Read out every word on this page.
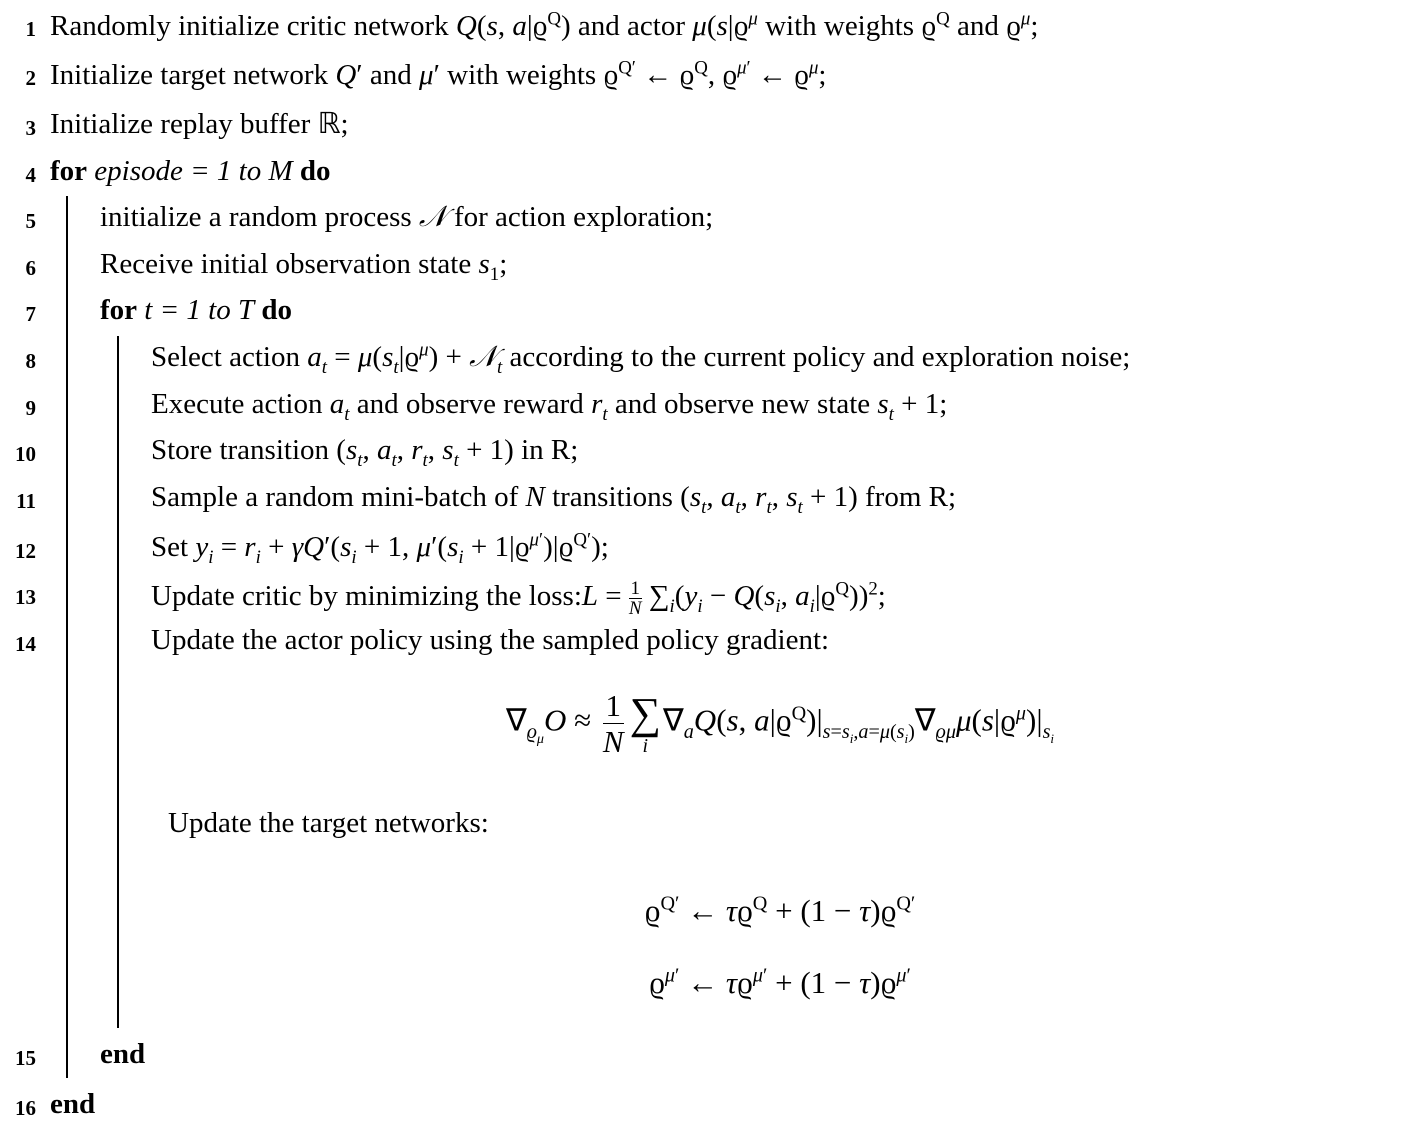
1
2
3
4
5
6
7
8
9
10
11
12
13
14
15
16
Randomly initialize critic network Q(s, $a|ϱ^Q$) and actor $\mu(s|ϱ^\mu$ with weights $ϱ^Q$ and $ϱ^\mu$;
Initialize target network Q′ and μ′ with weights $ϱ^{Q'}$ ← $ϱ^Q$, $ϱ^{\mu'}$ ← $ϱ^\mu$;
Initialize replay buffer ℝ;
for episode = 1 to M do
initialize a random process 𝒩 for action exploration;
Receive initial observation state $s_1$;
for t = 1 to T do
Select action $a_t = \mu(s_t|ϱ^\mu)$ + 𝒩$_t$ according to the current policy and exploration noise;
Execute action $a_t$ and observe reward $r_t$ and observe new state $s_t + 1$;
Store transition ($s_t$, $a_t$, $r_t$, $s_t + 1$) in R;
Sample a random mini-batch of N transitions ($s_t$, $a_t$, $r_t$, $s_t + 1$) from R;
Set $y_i = r_i + \gamma Q'(s_i + 1$, $\mu'(s_i + 1|ϱ^{\mu'})|ϱ^{Q'}$);
Update critic by minimizing the loss:L = $\frac{1}{N} \sum_i(y_i - Q(s_i$, $a_i|ϱ^Q))^2$;
Update the actor policy using the sampled policy gradient:
$\nabla_{ϱ_\mu}O \approx \frac{1}{N}$ ∑
i
$\nabla_aQ(s$, $a|ϱ^Q)|_{s=s_i,a=\mu(s_i)}\nabla_{ϱ\mu}\mu(s|ϱ^\mu)|_{s_i}$
Update the target networks:
$ϱ^{Q'}$ ← $\tau ϱ^Q + (1 - \tau)ϱ^{Q'}$
$ϱ^{\mu'}$ ← $\tau ϱ^{\mu'} + (1 - \tau)ϱ^{\mu'}$
end
end
